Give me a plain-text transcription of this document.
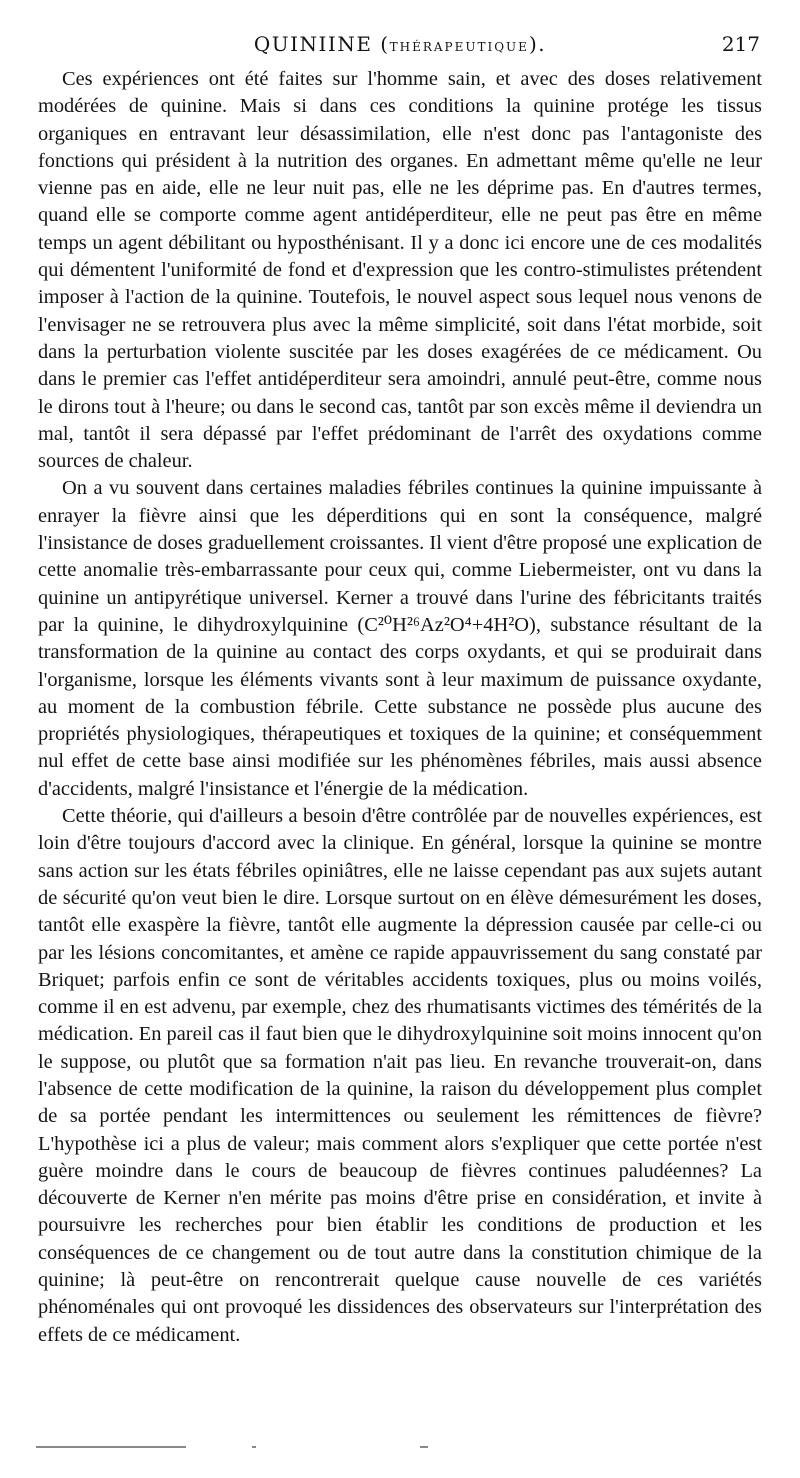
QUINIINE (THÉRAPEUTIQUE).	217

Ces expériences ont été faites sur l'homme sain, et avec des doses relativement modérées de quinine. Mais si dans ces conditions la quinine protége les tissus organiques en entravant leur désassimilation, elle n'est donc pas l'antagoniste des fonctions qui président à la nutrition des organes. En admettant même qu'elle ne leur vienne pas en aide, elle ne leur nuit pas, elle ne les déprime pas. En d'autres termes, quand elle se comporte comme agent antidéperditeur, elle ne peut pas être en même temps un agent débilitant ou hyposthénisant. Il y a donc ici encore une de ces modalités qui démentent l'uniformité de fond et d'expression que les contro-stimulistes prétendent imposer à l'action de la quinine. Toutefois, le nouvel aspect sous lequel nous venons de l'envisager ne se retrouvera plus avec la même simplicité, soit dans l'état morbide, soit dans la perturbation violente suscitée par les doses exagérées de ce médicament. Ou dans le premier cas l'effet antidéperditeur sera amoindri, annulé peut-être, comme nous le dirons tout à l'heure; ou dans le second cas, tantôt par son excès même il deviendra un mal, tantôt il sera dépassé par l'effet prédominant de l'arrêt des oxydations comme sources de chaleur.

On a vu souvent dans certaines maladies fébriles continues la quinine impuissante à enrayer la fièvre ainsi que les déperditions qui en sont la conséquence, malgré l'insistance de doses graduellement croissantes. Il vient d'être proposé une explication de cette anomalie très-embarrassante pour ceux qui, comme Liebermeister, ont vu dans la quinine un antipyrétique universel. Kerner a trouvé dans l'urine des fébricitants traités par la quinine, le dihydroxylquinine (C²⁰H²⁶Az²O⁴+4H²O), substance résultant de la transformation de la quinine au contact des corps oxydants, et qui se produirait dans l'organisme, lorsque les éléments vivants sont à leur maximum de puissance oxydante, au moment de la combustion fébrile. Cette substance ne possède plus aucune des propriétés physiologiques, thérapeutiques et toxiques de la quinine; et conséquemment nul effet de cette base ainsi modifiée sur les phénomènes fébriles, mais aussi absence d'accidents, malgré l'insistance et l'énergie de la médication.

Cette théorie, qui d'ailleurs a besoin d'être contrôlée par de nouvelles expériences, est loin d'être toujours d'accord avec la clinique. En général, lorsque la quinine se montre sans action sur les états fébriles opiniâtres, elle ne laisse cependant pas aux sujets autant de sécurité qu'on veut bien le dire. Lorsque surtout on en élève démesurément les doses, tantôt elle exaspère la fièvre, tantôt elle augmente la dépression causée par celle-ci ou par les lésions concomitantes, et amène ce rapide appauvrissement du sang constaté par Briquet; parfois enfin ce sont de véritables accidents toxiques, plus ou moins voilés, comme il en est advenu, par exemple, chez des rhumatisants victimes des témérités de la médication. En pareil cas il faut bien que le dihydroxylquinine soit moins innocent qu'on le suppose, ou plutôt que sa formation n'ait pas lieu. En revanche trouverait-on, dans l'absence de cette modification de la quinine, la raison du développement plus complet de sa portée pendant les intermittences ou seulement les rémittences de fièvre? L'hypothèse ici a plus de valeur; mais comment alors s'expliquer que cette portée n'est guère moindre dans le cours de beaucoup de fièvres continues paludéennes? La découverte de Kerner n'en mérite pas moins d'être prise en considération, et invite à poursuivre les recherches pour bien établir les conditions de production et les conséquences de ce changement ou de tout autre dans la constitution chimique de la quinine; là peut-être on rencontrerait quelque cause nouvelle de ces variétés phénoménales qui ont provoqué les dissidences des observateurs sur l'interprétation des effets de ce médicament.
